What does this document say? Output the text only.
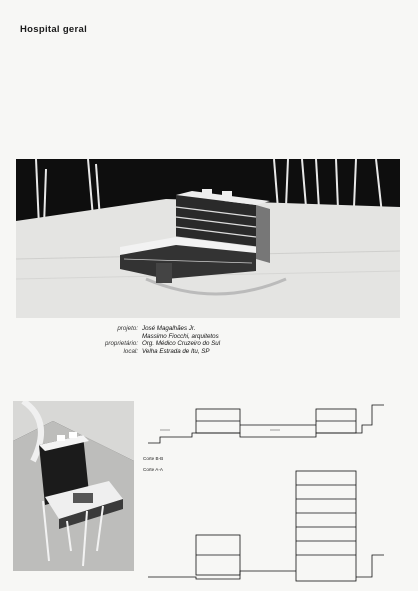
Hospital geral
projeto: José Magalhães Jr.
Massimo Fiocchi, arquitetos
proprietário: Org. Médico Cruzeiro do Sul
local: Velha Estrada de Itu, SP
Corte B-B
Corte A-A
